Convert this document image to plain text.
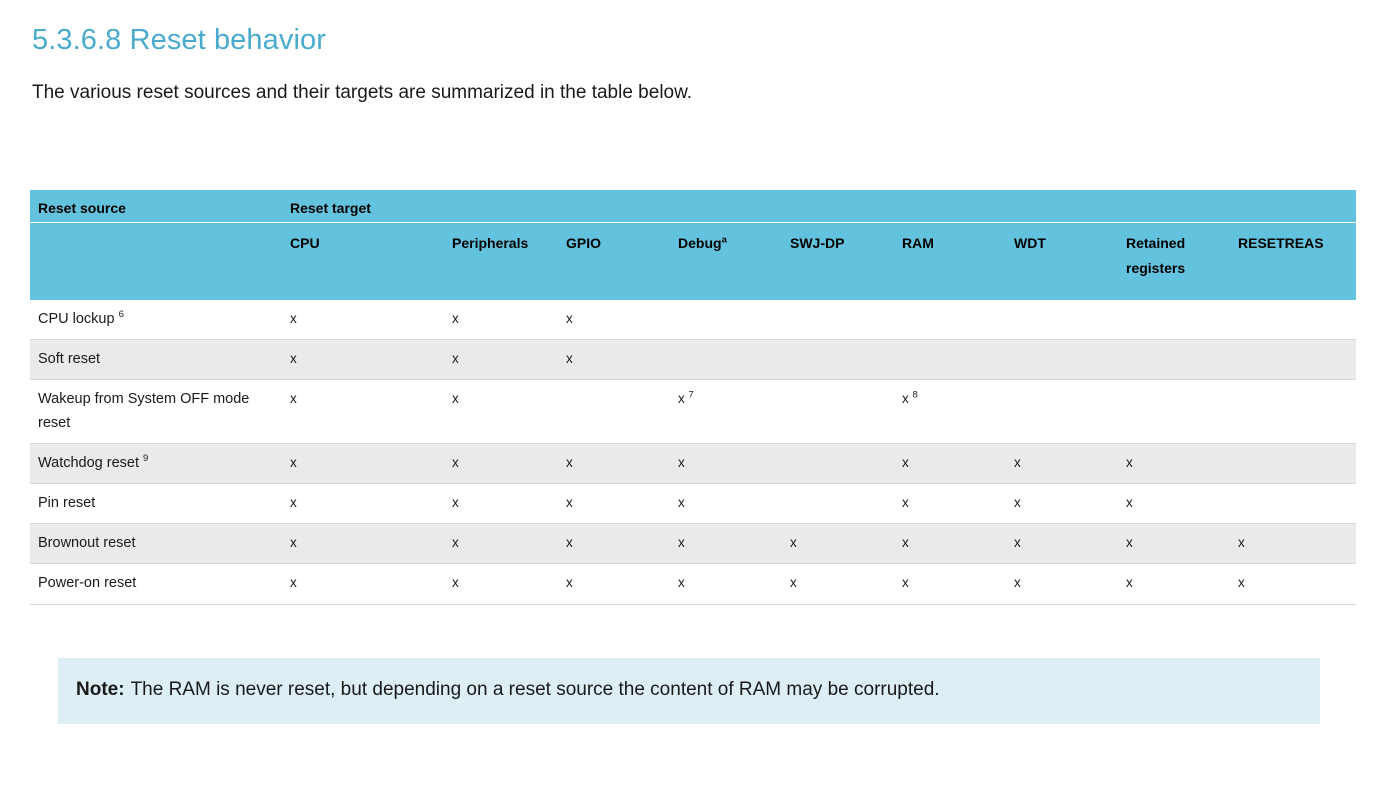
5.3.6.8 Reset behavior
The various reset sources and their targets are summarized in the table below.
Reset source	Reset target								

	CPU	Peripherals	GPIO	Debug$^a$	SWJ-DP	RAM	WDT	Retained registers	RESETREAS
CPU lockup $^6$	x	x	x						
Soft reset	x	x	x						
Wakeup from System OFF mode reset	x	x		x $^7$		x $^8$			
Watchdog reset $^9$	x	x	x	x		x	x	x	
Pin reset	x	x	x	x		x	x	x	
Brownout reset	x	x	x	x	x	x	x	x	x
Power-on reset	x	x	x	x	x	x	x	x	x
Note: The RAM is never reset, but depending on a reset source the content of RAM may be corrupted.
